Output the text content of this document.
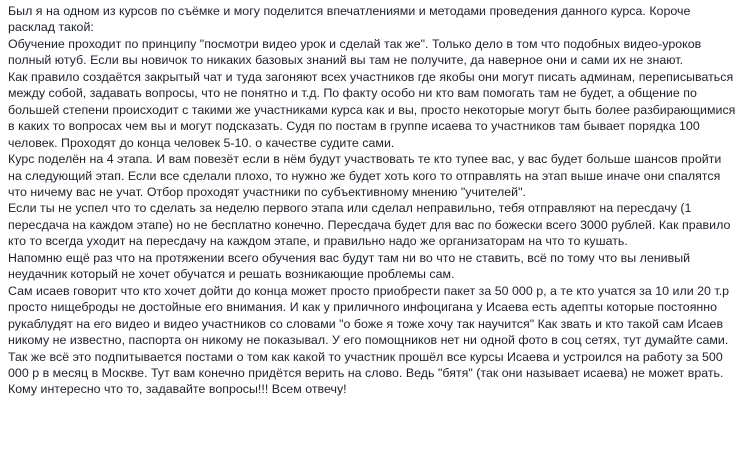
Был я на одном из курсов по съёмке и могу поделится впечатлениями и методами проведения данного курса. Короче расклад такой:

Обучение проходит по принципу "посмотри видео урок и сделай так же". Только дело в том что подобных видео-уроков полный ютуб. Если вы новичок то никаких базовых знаний вы там не получите, да наверное они и сами их не знают.

Как правило создаётся закрытый чат и туда загоняют всех участников где якобы они могут писать админам, переписываться между собой, задавать вопросы, что не понятно и т.д. По факту особо ни кто вам помогать там не будет, а общение по большей степени происходит с такими же участниками курса как и вы, просто некоторые могут быть более разбирающимися в каких то вопросах чем вы и могут подсказать. Судя по постам в группе исаева то участников там бывает порядка 100 человек. Проходят до конца человек 5-10. о качестве судите сами.

Курс поделён на 4 этапа. И вам повезёт если в нём будут участвовать те кто тупее вас, у вас будет больше шансов пройти на следующий этап. Если все сделали плохо, то нужно же будет хоть кого то отправлять на этап выше иначе они спалятся что ничему вас не учат. Отбор проходят участники по субъективному мнению "учителей".

Если ты не успел что то сделать за неделю первого этапа или сделал неправильно, тебя отправляют на пересдачу (1 пересдача на каждом этапе) но не бесплатно конечно. Пересдача будет для вас по божески всего 3000 рублей. Как правило кто то всегда уходит на пересдачу на каждом этапе, и правильно надо же организаторам на что то кушать.

Напомню ещё раз что на протяжении всего обучения вас будут там ни во что не ставить, всё по тому что вы ленивый неудачник который не хочет обучатся и решать возникающие проблемы сам.

Сам исаев говорит что кто хочет дойти до конца может просто приобрести пакет за 50 000 р, а те кто учатся за 10 или 20 т.р просто нищеброды не достойные его внимания. И как у приличного инфоцигана у Исаева есть адепты которые постоянно рукаблудят на его видео и видео участников со словами "о боже я тоже хочу так научится" Как звать и кто такой сам Исаев никому не известно, паспорта он никому не показывал. У его помощников нет ни одной фото в соц сетях, тут думайте сами. Так же всё это подпитывается постами о том как какой то участник прошёл все курсы Исаева и устроился на работу за 500 000 р в месяц в Москве. Тут вам конечно придётся верить на слово. Ведь "бятя" (так они называет исаева) не может врать.

Кому интересно что то, задавайте вопросы!!! Всем отвечу!
